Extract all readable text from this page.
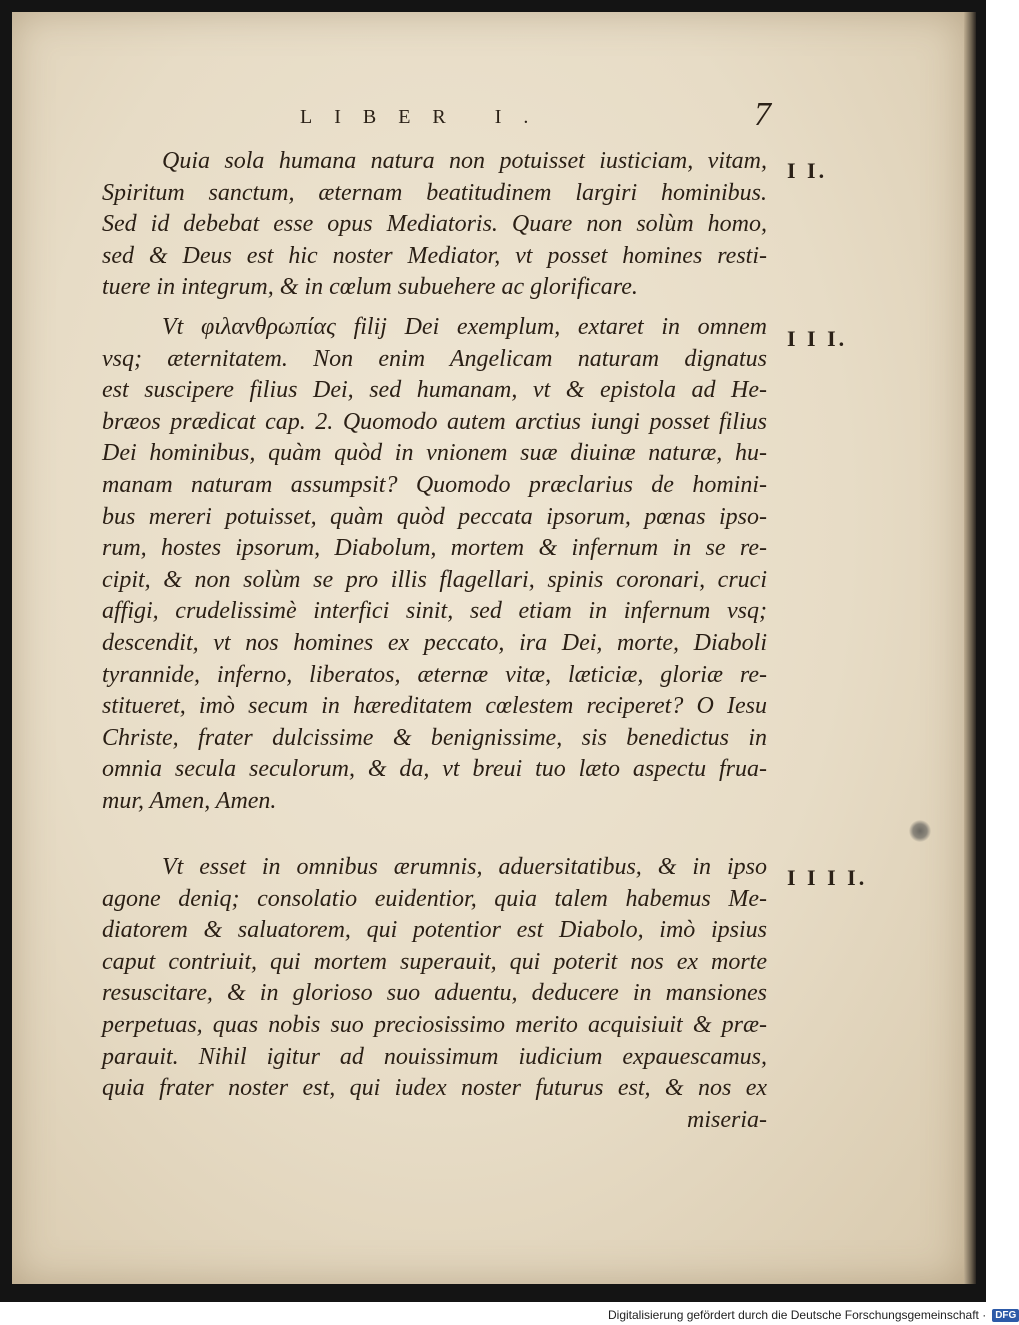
LIBER I.	7
I I.
Quia sola humana natura non potuisset iusticiam, vitam,
Spiritum sanctum, æternam beatitudinem largiri hominibus.
Sed id debebat esse opus Mediatoris. Quare non solùm homo,
sed & Deus est hic noster Mediator, vt posset homines resti-
tuere in integrum, & in cœlum subuehere ac glorificare.
I I I.
Vt φιλανθρωπίας filij Dei exemplum, extaret in omnem
vsq; æternitatem. Non enim Angelicam naturam dignatus
est suscipere filius Dei, sed humanam, vt & epistola ad He-
bræos prædicat cap. 2. Quomodo autem arctius iungi posset filius
Dei hominibus, quàm quòd in vnionem suæ diuinæ naturæ, hu-
manam naturam assumpsit? Quomodo præclarius de homini-
bus mereri potuisset, quàm quòd peccata ipsorum, pœnas ipso-
rum, hostes ipsorum, Diabolum, mortem & infernum in se re-
cipit, & non solùm se pro illis flagellari, spinis coronari, cruci
affigi, crudelissimè interfici sinit, sed etiam in infernum vsq;
descendit, vt nos homines ex peccato, ira Dei, morte, Diaboli
tyrannide, inferno, liberatos, æternæ vitæ, læticiæ, gloriæ re-
stitueret, imò secum in hæreditatem cœlestem reciperet? O Iesu
Christe, frater dulcissime & benignissime, sis benedictus in
omnia secula seculorum, & da, vt breui tuo læto aspectu frua-
mur, Amen, Amen.
I I I I.
Vt esset in omnibus ærumnis, aduersitatibus, & in ipso
agone deniq; consolatio euidentior, quia talem habemus Me-
diatorem & saluatorem, qui potentior est Diabolo, imò ipsius
caput contriuit, qui mortem superauit, qui poterit nos ex morte
resuscitare, & in glorioso suo aduentu, deducere in mansiones
perpetuas, quas nobis suo preciosissimo merito acquisiuit & præ-
parauit. Nihil igitur ad nouissimum iudicium expauescamus,
quia frater noster est, qui iudex noster futurus est, & nos ex
miseria-
Digitalisierung gefördert durch die Deutsche Forschungsgemeinschaft · DFG
